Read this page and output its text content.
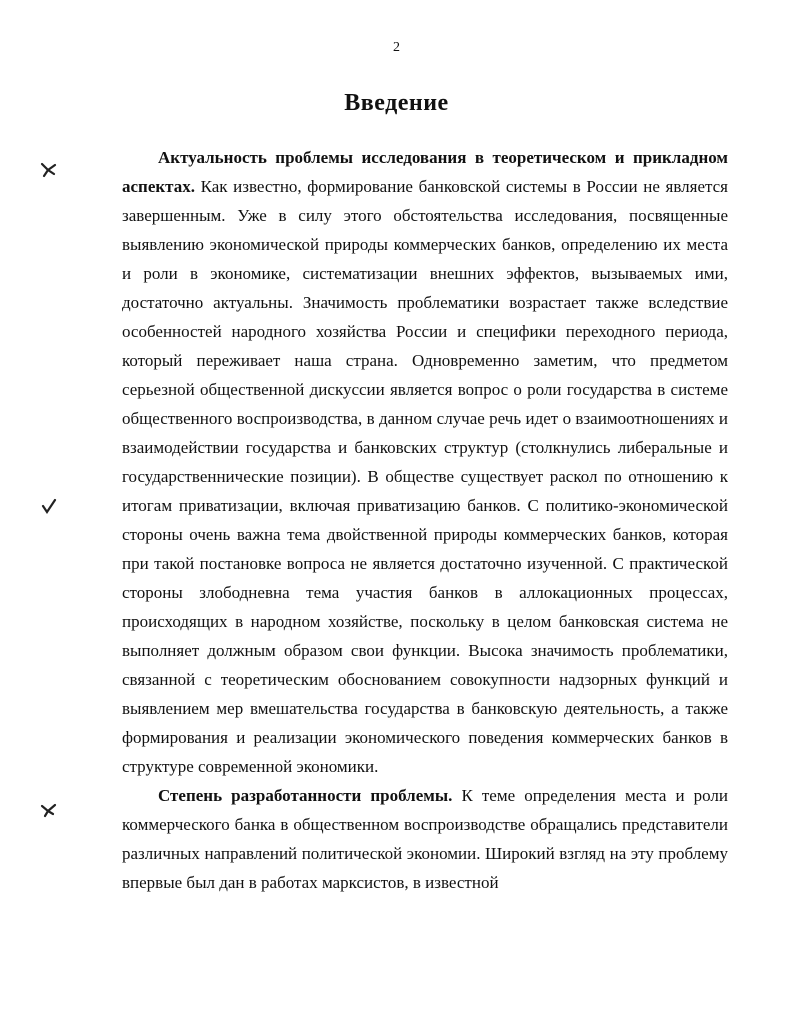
2
Введение

Актуальность проблемы исследования в теоретическом и прикладном аспектах. Как известно, формирование банковской системы в России не является завершенным. Уже в силу этого обстоятельства исследования, посвященные выявлению экономической природы коммерческих банков, определению их места и роли в экономике, систематизации внешних эффектов, вызываемых ими, достаточно актуальны. Значимость проблематики возрастает также вследствие особенностей народного хозяйства России и специфики переходного периода, который переживает наша страна. Одновременно заметим, что предметом серьезной общественной дискуссии является вопрос о роли государства в системе общественного воспроизводства, в данном случае речь идет о взаимоотношениях и взаимодействии государства и банковских структур (столкнулись либеральные и государственнические позиции). В обществе существует раскол по отношению к итогам приватизации, включая приватизацию банков. С политико-экономической стороны очень важна тема двойственной природы коммерческих банков, которая при такой постановке вопроса не является достаточно изученной. С практической стороны злободневна тема участия банков в аллокационных процессах, происходящих в народном хозяйстве, поскольку в целом банковская система не выполняет должным образом свои функции. Высока значимость проблематики, связанной с теоретическим обоснованием совокупности надзорных функций и выявлением мер вмешательства государства в банковскую деятельность, а также формирования и реализации экономического поведения коммерческих банков в структуре современной экономики.

Степень разработанности проблемы. К теме определения места и роли коммерческого банка в общественном воспроизводстве обращались представители различных направлений политической экономии. Широкий взгляд на эту проблему впервые был дан в работах марксистов, в известной
